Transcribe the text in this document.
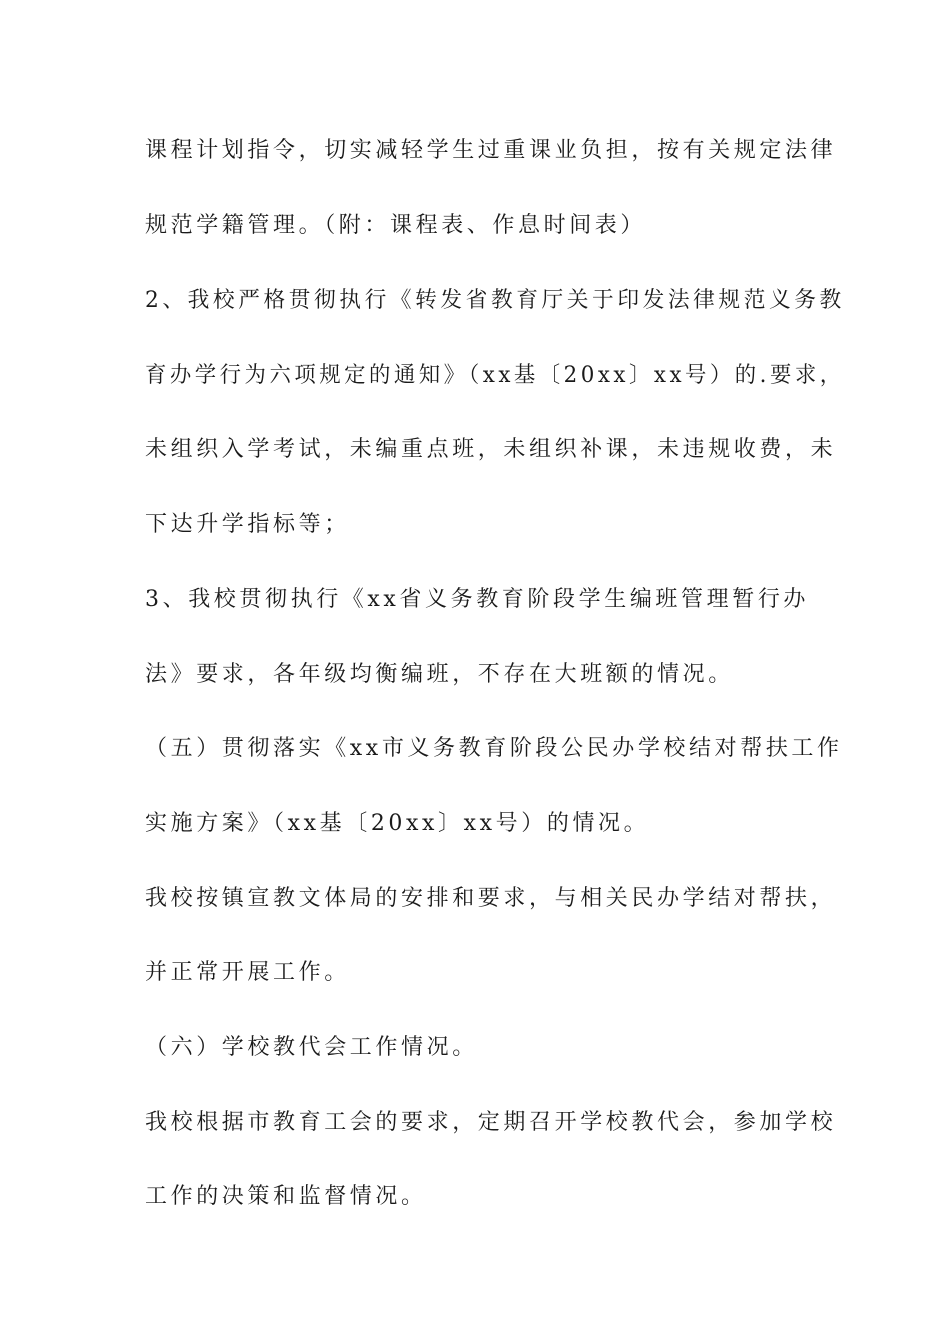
课程计划指令，切实减轻学生过重课业负担，按有关规定法律
规范学籍管理。（附：课程表、作息时间表）
2、我校严格贯彻执行《转发省教育厅关于印发法律规范义务教
育办学行为六项规定的通知》（xx基〔20xx〕xx号）的.要求，
未组织入学考试，未编重点班，未组织补课，未违规收费，未
下达升学指标等；
3、我校贯彻执行《xx省义务教育阶段学生编班管理暂行办
法》要求，各年级均衡编班，不存在大班额的情况。
（五）贯彻落实《xx市义务教育阶段公民办学校结对帮扶工作
实施方案》（xx基〔20xx〕xx号）的情况。
我校按镇宣教文体局的安排和要求，与相关民办学结对帮扶，
并正常开展工作。
（六）学校教代会工作情况。
我校根据市教育工会的要求，定期召开学校教代会，参加学校
工作的决策和监督情况。
